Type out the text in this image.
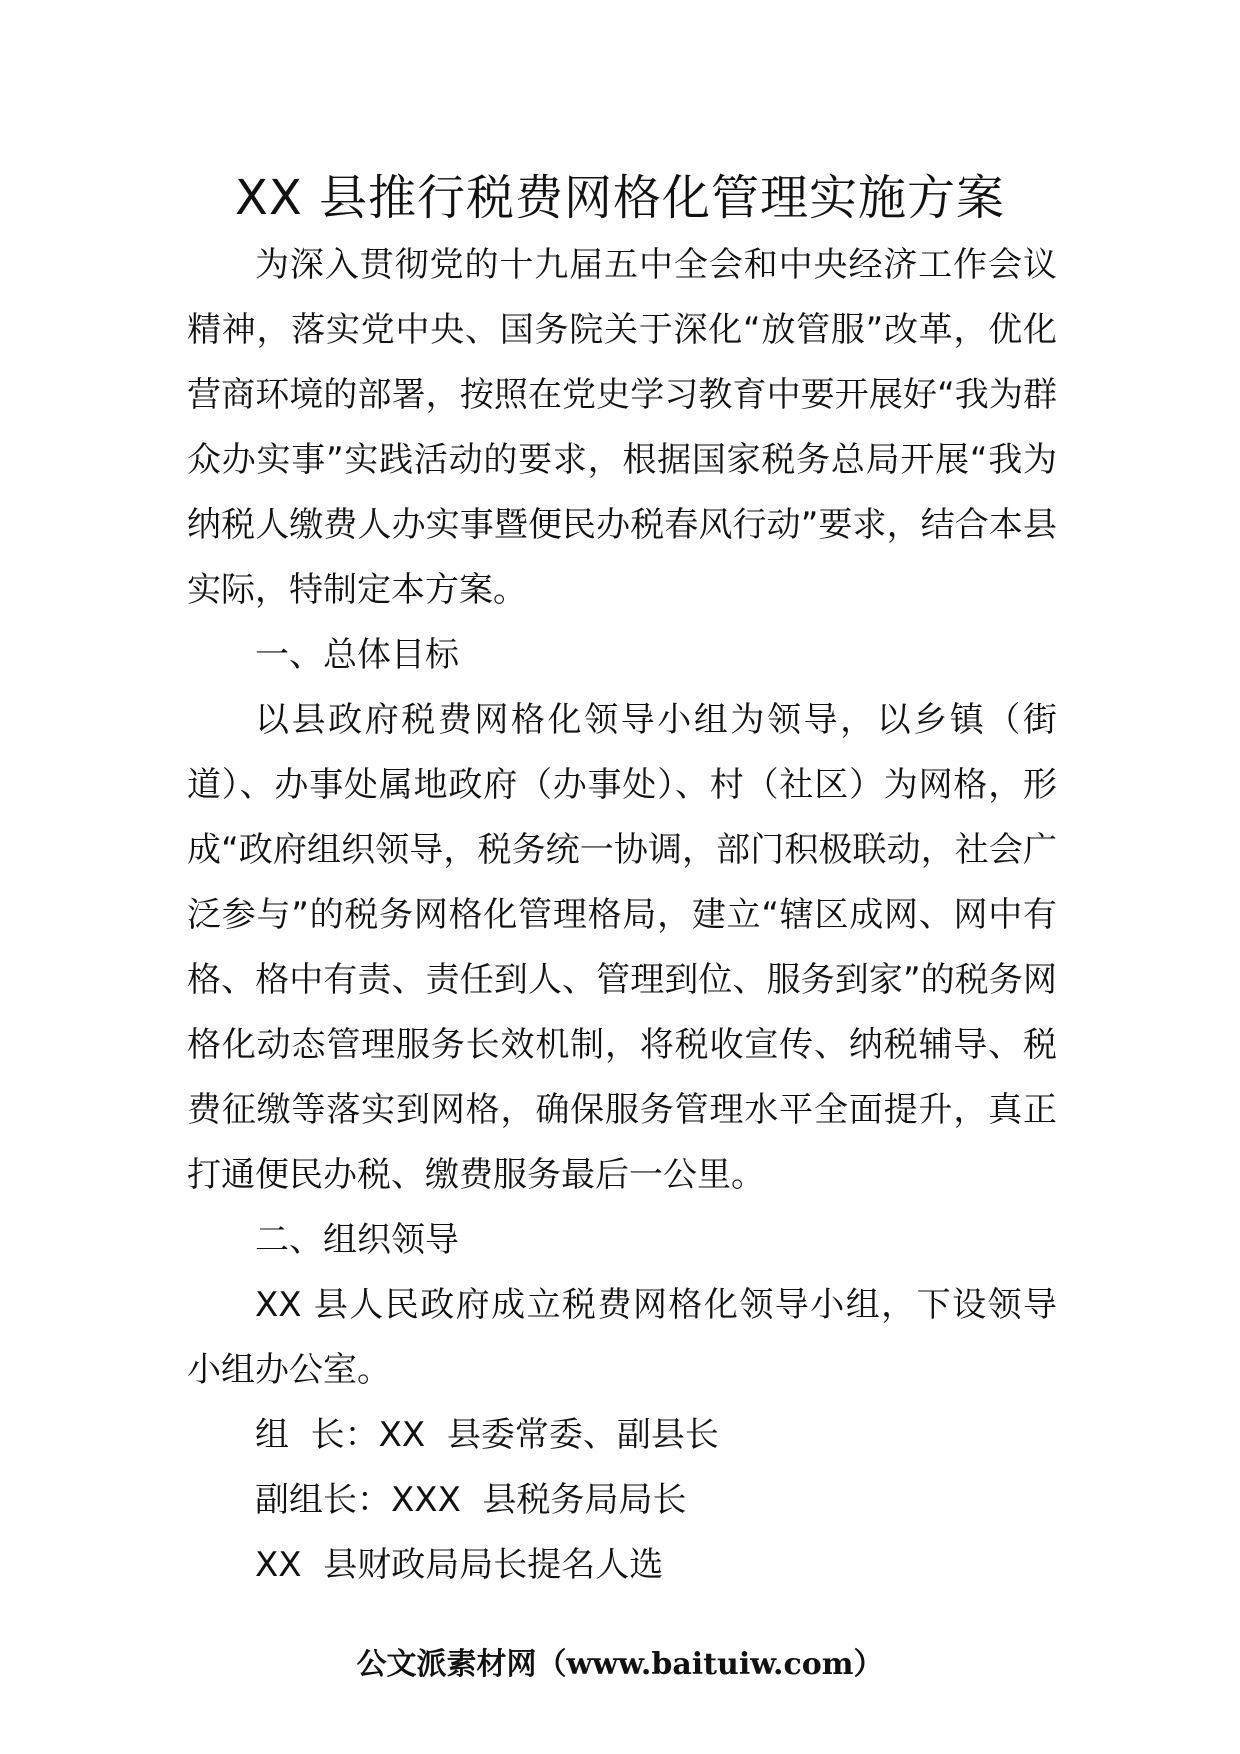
XX 县推行税费网格化管理实施方案

为深入贯彻党的十九届五中全会和中央经济工作会议精神，落实党中央、国务院关于深化“放管服”改革，优化营商环境的部署，按照在党史学习教育中要开展好“我为群众办实事”实践活动的要求，根据国家税务总局开展“我为纳税人缴费人办实事暨便民办税春风行动”要求，结合本县实际，特制定本方案。

一、总体目标

以县政府税费网格化领导小组为领导，以乡镇（街道）、办事处属地政府（办事处）、村（社区）为网格，形成“政府组织领导，税务统一协调，部门积极联动，社会广泛参与”的税务网格化管理格局，建立“辖区成网、网中有格、格中有责、责任到人、管理到位、服务到家”的税务网格化动态管理服务长效机制，将税收宣传、纳税辅导、税费征缴等落实到网格，确保服务管理水平全面提升，真正打通便民办税、缴费服务最后一公里。

二、组织领导

XX 县人民政府成立税费网格化领导小组，下设领导小组办公室。

组  长：XX  县委常委、副县长

副组长：XXX  县税务局局长

XX  县财政局局长提名人选

公文派素材网（www.baituiw.com）
